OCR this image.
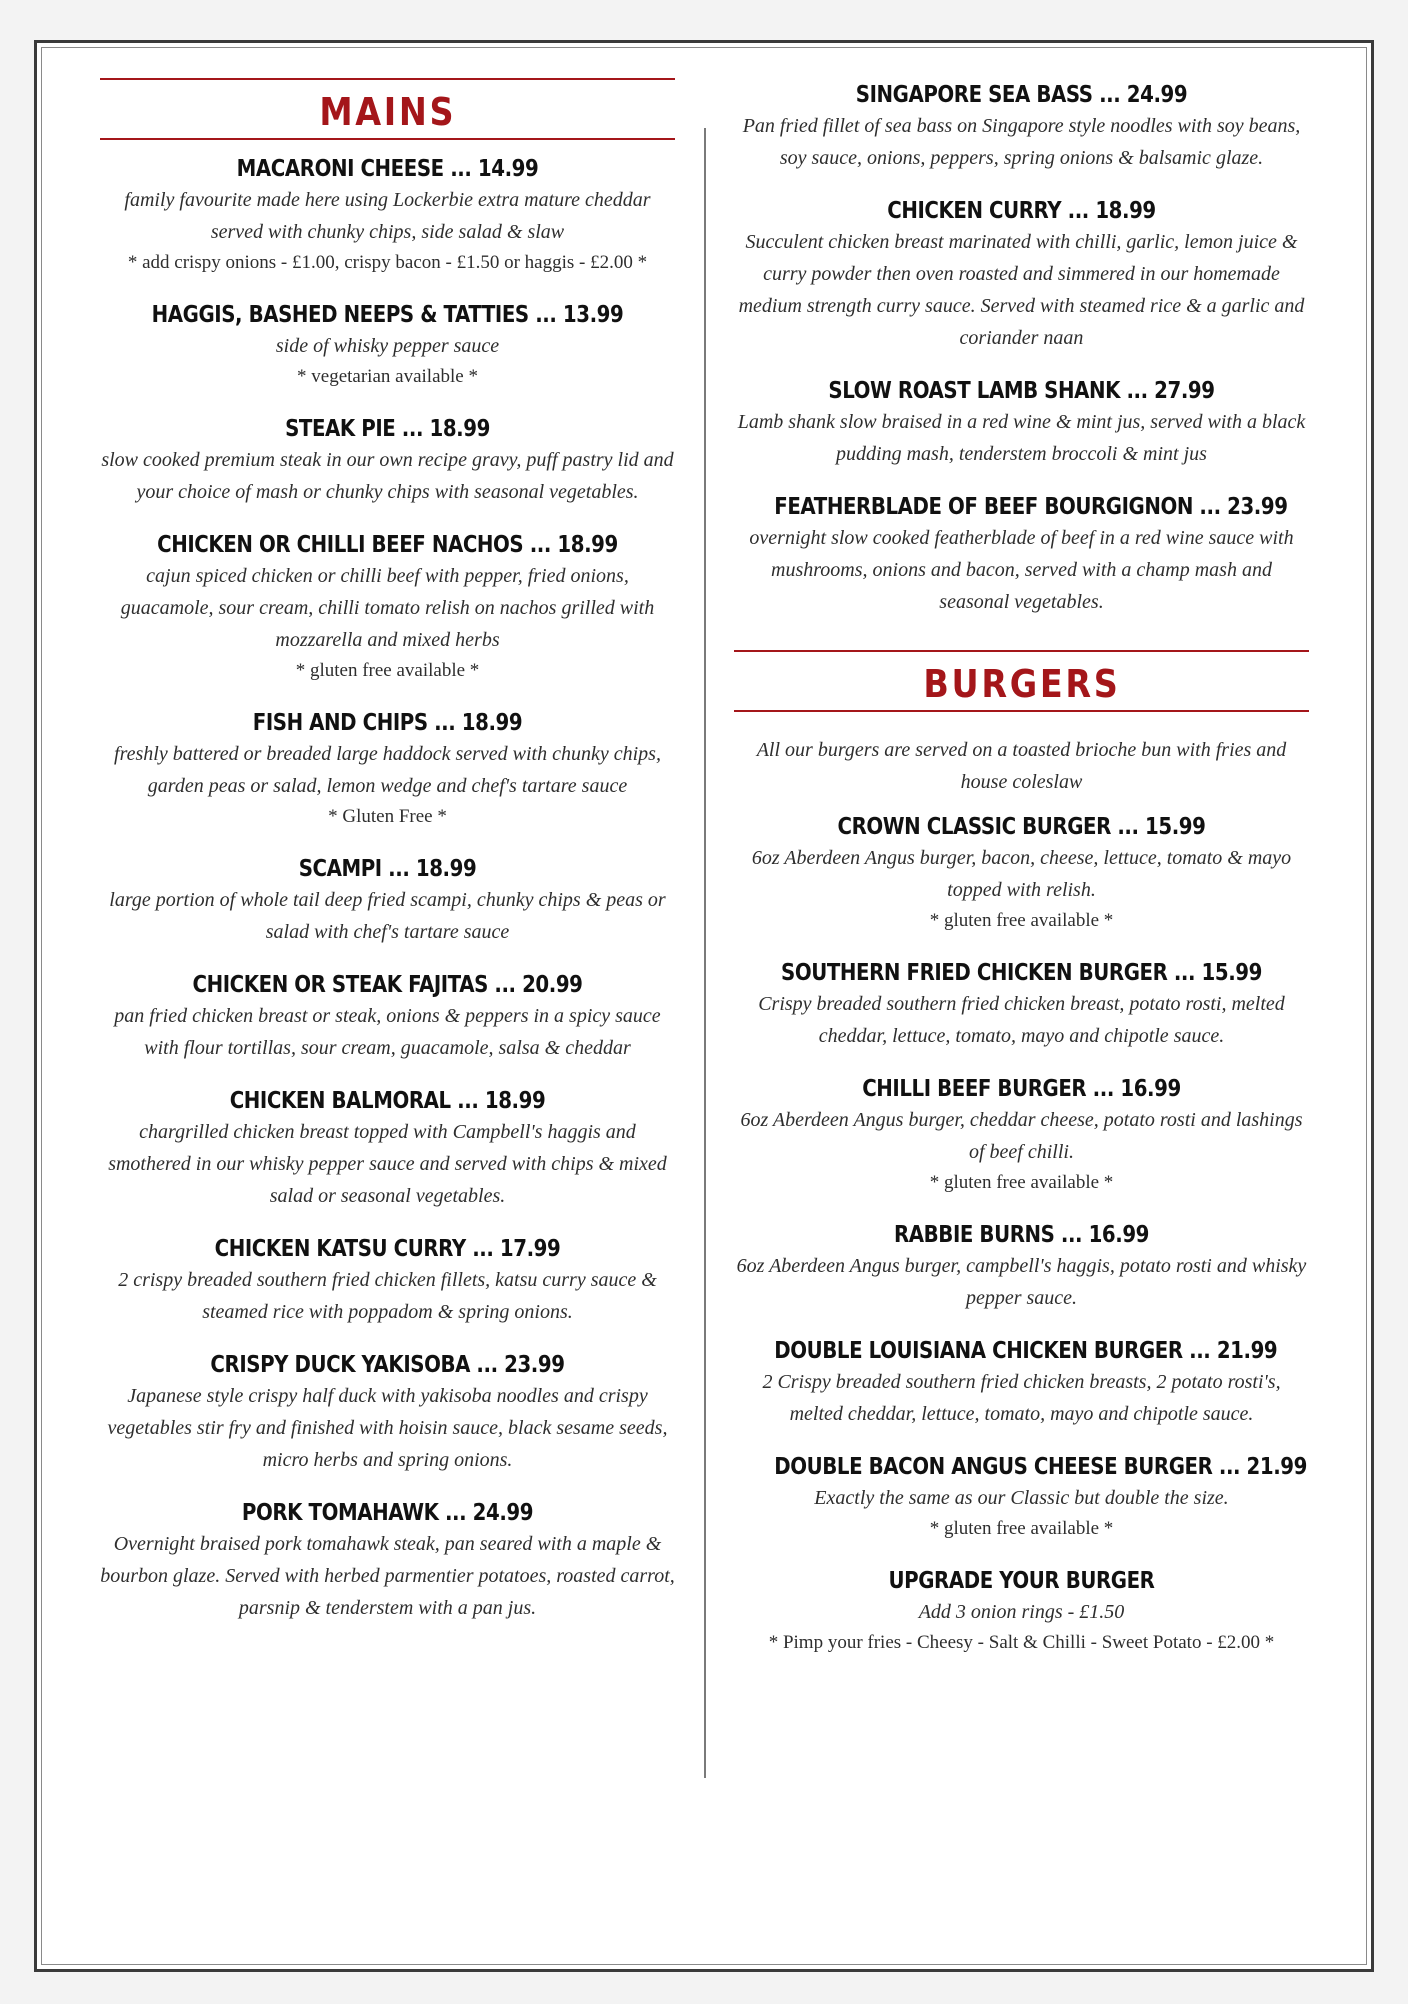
MAINS
MACARONI CHEESE ... 14.99
family favourite made here using Lockerbie extra mature cheddar served with chunky chips, side salad & slaw
* add crispy onions - £1.00, crispy bacon - £1.50 or haggis - £2.00 *
HAGGIS, BASHED NEEPS & TATTIES ... 13.99
side of whisky pepper sauce
* vegetarian available *
STEAK PIE ... 18.99
slow cooked premium steak in our own recipe gravy, puff pastry lid and your choice of mash or chunky chips with seasonal vegetables.
CHICKEN OR CHILLI BEEF NACHOS ... 18.99
cajun spiced chicken or chilli beef with pepper, fried onions, guacamole, sour cream, chilli tomato relish on nachos grilled with mozzarella and mixed herbs
* gluten free available *
FISH AND CHIPS ... 18.99
freshly battered or breaded large haddock served with chunky chips, garden peas or salad, lemon wedge and chef's tartare sauce
* Gluten Free *
SCAMPI ... 18.99
large portion of whole tail deep fried scampi, chunky chips & peas or salad with chef's tartare sauce
CHICKEN OR STEAK FAJITAS ... 20.99
pan fried chicken breast or steak, onions & peppers in a spicy sauce with flour tortillas, sour cream, guacamole, salsa & cheddar
CHICKEN BALMORAL ... 18.99
chargrilled chicken breast topped with Campbell's haggis and smothered in our whisky pepper sauce and served with chips & mixed salad or seasonal vegetables.
CHICKEN KATSU CURRY ... 17.99
2 crispy breaded southern fried chicken fillets, katsu curry sauce & steamed rice with poppadom & spring onions.
CRISPY DUCK YAKISOBA ... 23.99
Japanese style crispy half duck with yakisoba noodles and crispy vegetables stir fry and finished with hoisin sauce, black sesame seeds, micro herbs and spring onions.
PORK TOMAHAWK ... 24.99
Overnight braised pork tomahawk steak, pan seared with a maple & bourbon glaze. Served with herbed parmentier potatoes, roasted carrot, parsnip & tenderstem with a pan jus.
SINGAPORE SEA BASS ... 24.99
Pan fried fillet of sea bass on Singapore style noodles with soy beans, soy sauce, onions, peppers, spring onions & balsamic glaze.
CHICKEN CURRY ... 18.99
Succulent chicken breast marinated with chilli, garlic, lemon juice & curry powder then oven roasted and simmered in our homemade medium strength curry sauce. Served with steamed rice & a garlic and coriander naan
SLOW ROAST LAMB SHANK ... 27.99
Lamb shank slow braised in a red wine & mint jus, served with a black pudding mash, tenderstem broccoli & mint jus
FEATHERBLADE OF BEEF BOURGIGNON ... 23.99
overnight slow cooked featherblade of beef in a red wine sauce with mushrooms, onions and bacon, served with a champ mash and seasonal vegetables.
BURGERS
All our burgers are served on a toasted brioche bun with fries and house coleslaw
CROWN CLASSIC BURGER ... 15.99
6oz Aberdeen Angus burger, bacon, cheese, lettuce, tomato & mayo topped with relish.
* gluten free available *
SOUTHERN FRIED CHICKEN BURGER ... 15.99
Crispy breaded southern fried chicken breast, potato rosti, melted cheddar, lettuce, tomato, mayo and chipotle sauce.
CHILLI BEEF BURGER ... 16.99
6oz Aberdeen Angus burger, cheddar cheese, potato rosti and lashings of beef chilli.
* gluten free available *
RABBIE BURNS ... 16.99
6oz Aberdeen Angus burger, campbell's haggis, potato rosti and whisky pepper sauce.
DOUBLE LOUISIANA CHICKEN BURGER ... 21.99
2 Crispy breaded southern fried chicken breasts, 2 potato rosti's, melted cheddar, lettuce, tomato, mayo and chipotle sauce.
DOUBLE BACON ANGUS CHEESE BURGER ... 21.99
Exactly the same as our Classic but double the size.
* gluten free available *
UPGRADE YOUR BURGER
Add 3 onion rings - £1.50
* Pimp your fries - Cheesy - Salt & Chilli - Sweet Potato - £2.00 *
